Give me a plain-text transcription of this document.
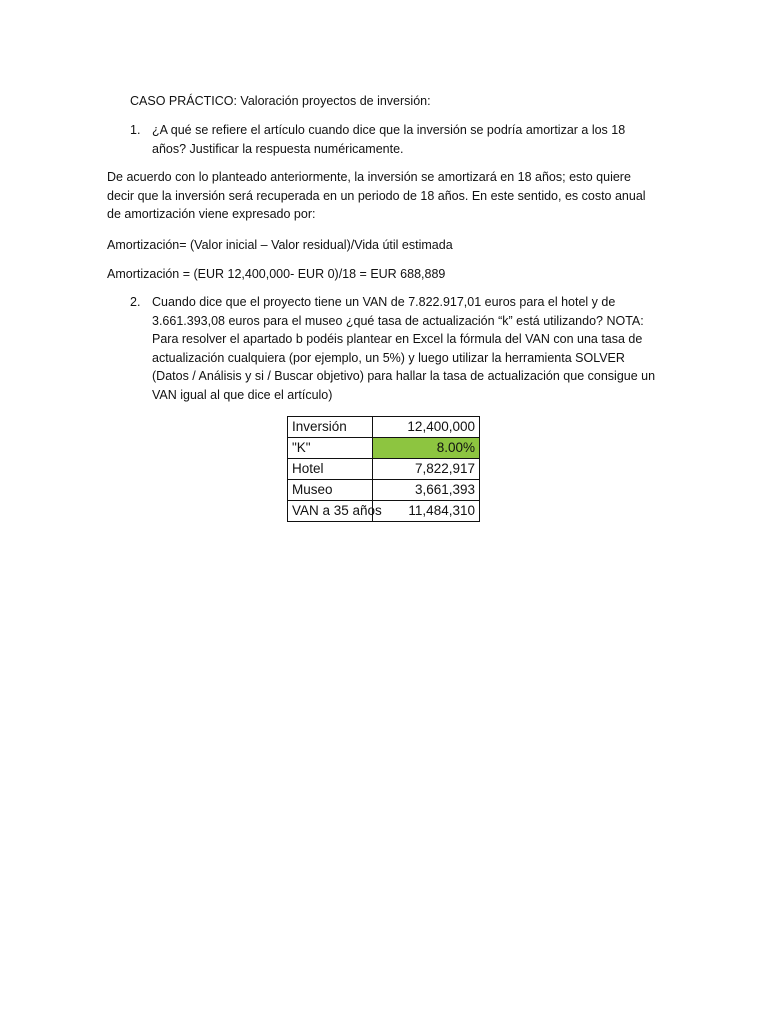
CASO PRÁCTICO: Valoración proyectos de inversión:
1. ¿A qué se refiere el artículo cuando dice que la inversión se podría amortizar a los 18
años? Justificar la respuesta numéricamente.
De acuerdo con lo planteado anteriormente, la inversión se amortizará en 18 años; esto quiere
decir que la inversión será recuperada en un periodo de 18 años. En este sentido, es costo anual
de amortización viene expresado por:
Amortización= (Valor inicial – Valor residual)/Vida útil estimada
Amortización = (EUR 12,400,000- EUR 0)/18 = EUR 688,889
2. Cuando dice que el proyecto tiene un VAN de 7.822.917,01 euros para el hotel y de
3.661.393,08 euros para el museo ¿qué tasa de actualización “k” está utilizando? NOTA:
Para resolver el apartado b podéis plantear en Excel la fórmula del VAN con una tasa de
actualización cualquiera (por ejemplo, un 5%) y luego utilizar la herramienta SOLVER
(Datos / Análisis y si / Buscar objetivo) para hallar la tasa de actualización que consigue un
VAN igual al que dice el artículo)
Inversión	12,400,000
"K"	8.00%
Hotel	7,822,917
Museo	3,661,393
VAN a 35 años	11,484,310
